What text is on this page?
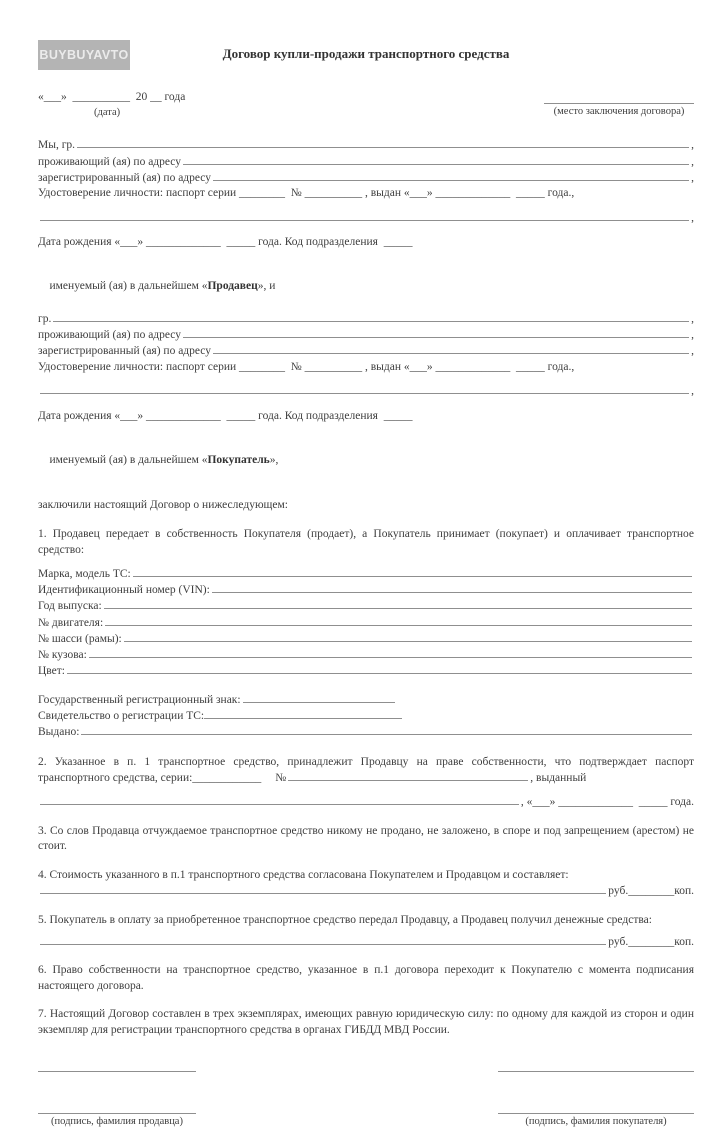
BUYBUYAVTO	Договор купли-продажи транспортного средства
«___»  __________  20 __ года
(дата)	(место заключения договора)
Мы, гр.	,
проживающий (ая) по адресу	,
зарегистрированный (ая) по адресу	,
Удостоверение личности: паспорт серии ________  № __________ , выдан «___» _____________  _____ года.,
,
Дата рождения «___» _____________  _____ года. Код подразделения  _____

именуемый (ая) в дальнейшем «Продавец», и

гр.	,
проживающий (ая) по адресу	,
зарегистрированный (ая) по адресу	,
Удостоверение личности: паспорт серии ________  № __________ , выдан «___» _____________  _____ года.,
,
Дата рождения «___» _____________  _____ года. Код подразделения  _____

именуемый (ая) в дальнейшем «Покупатель»,

заключили настоящий Договор о нижеследующем:

1. Продавец передает в собственность Покупателя (продает), а Покупатель принимает (покупает) и оплачивает транспортное средство:

Марка, модель ТС:
Идентификационный номер (VIN):
Год выпуска:
№ двигателя:
№ шасси (рамы):
№ кузова:
Цвет:
Государственный регистрационный знак:
Свидетельство о регистрации ТС:
Выдано:
2. Указанное в п. 1 транспортное средство, принадлежит Продавцу на праве собственности, что подтверждает паспорт
транспортного средства, серии: ____________ №	, выданный
, «___» _____________  _____ года.

3. Со слов Продавца отчуждаемое транспортное средство никому не продано, не заложено, в споре и под запрещением (арестом) не стоит.

4. Стоимость указанного в п.1 транспортного средства согласована Покупателем и Продавцом и составляет:
руб.________коп.
5. Покупатель в оплату за приобретенное транспортное средство передал Продавцу, а Продавец получил денежные средства:
руб.________коп.

6. Право собственности на транспортное средство, указанное в п.1 договора переходит к Покупателю с момента подписания настоящего договора.

7. Настоящий Договор составлен в трех экземплярах, имеющих равную юридическую силу: по одному для каждой из сторон и один экземпляр для регистрации транспортного средства в органах ГИБДД МВД России.

(подпись, фамилия продавца)	(подпись, фамилия покупателя)
